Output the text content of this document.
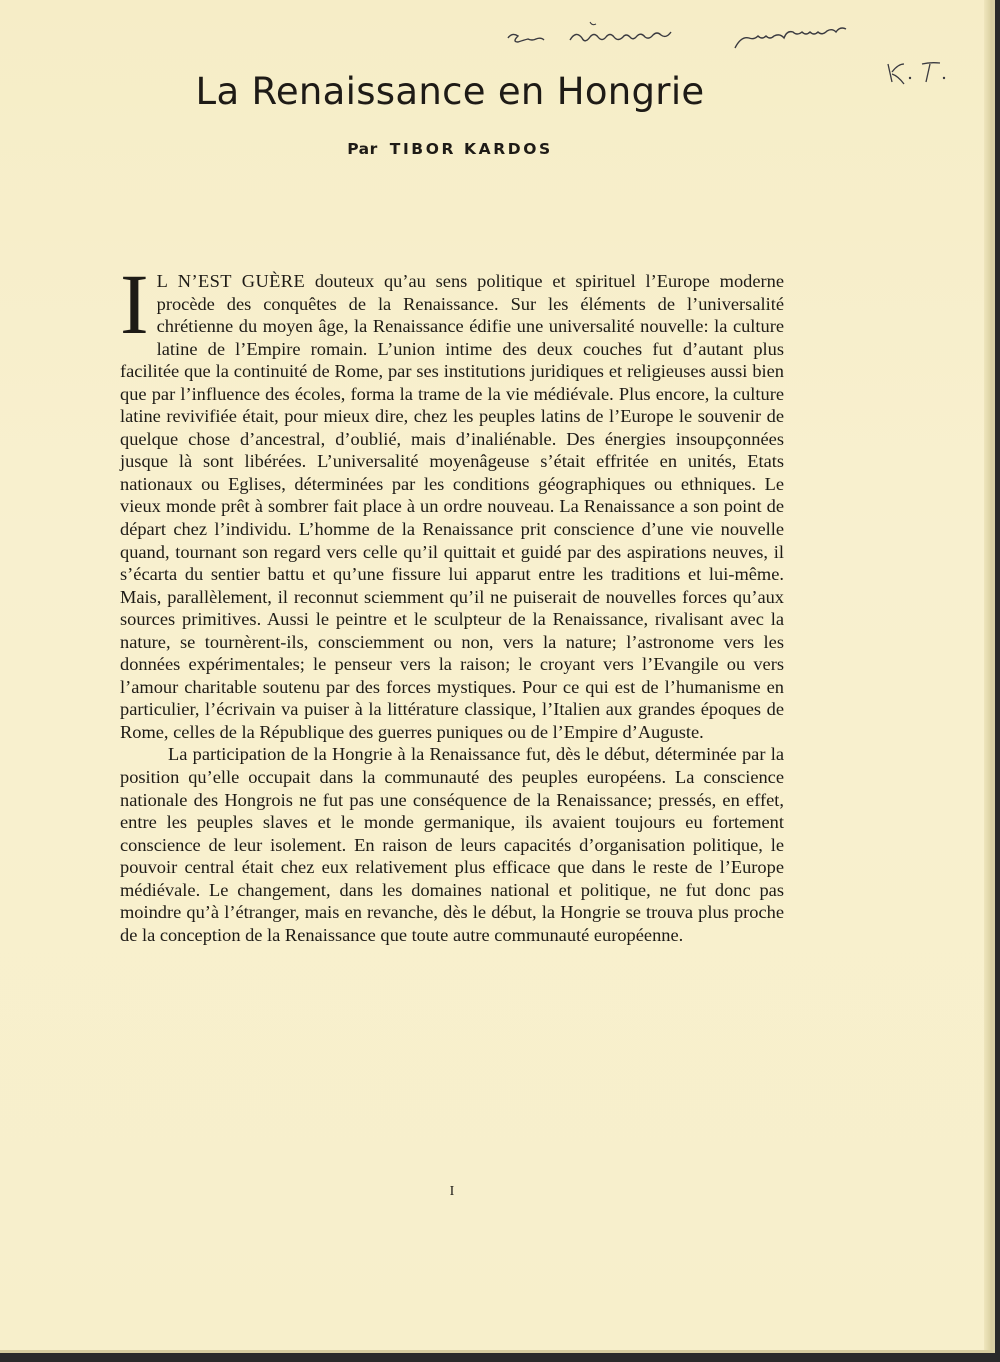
La Renaissance en Hongrie
Par TIBOR KARDOS

I L N’EST GUÈRE douteux qu’au sens politique et spirituel l’Europe moderne procède des conquêtes de la Renaissance. Sur les éléments de l’universalité chrétienne du moyen âge, la Renaissance édifie une universalité nouvelle: la culture latine de l’Empire romain. L’union intime des deux couches fut d’autant plus facilitée que la continuité de Rome, par ses institutions juridiques et religieuses aussi bien que par l’influence des écoles, forma la trame de la vie médiévale. Plus encore, la culture latine revivifiée était, pour mieux dire, chez les peuples latins de l’Europe le souvenir de quelque chose d’ancestral, d’oublié, mais d’inaliénable. Des énergies insoupçonnées jusque là sont libérées. L’universalité moyenâgeuse s’était effritée en unités, Etats nationaux ou Eglises, déterminées par les conditions géographiques ou ethniques. Le vieux monde prêt à sombrer fait place à un ordre nouveau. La Renaissance a son point de départ chez l’individu. L’homme de la Renaissance prit conscience d’une vie nouvelle quand, tournant son regard vers celle qu’il quittait et guidé par des aspirations neuves, il s’écarta du sentier battu et qu’une fissure lui apparut entre les traditions et lui-même. Mais, parallèlement, il reconnut sciemment qu’il ne puiserait de nouvelles forces qu’aux sources primitives. Aussi le peintre et le sculpteur de la Renaissance, rivalisant avec la nature, se tournèrent-ils, consciemment ou non, vers la nature; l’astronome vers les données expérimentales; le penseur vers la raison; le croyant vers l’Evangile ou vers l’amour charitable soutenu par des forces mystiques. Pour ce qui est de l’humanisme en particulier, l’écrivain va puiser à la littérature classique, l’Italien aux grandes époques de Rome, celles de la République des guerres puniques ou de l’Empire d’Auguste.

La participation de la Hongrie à la Renaissance fut, dès le début, déterminée par la position qu’elle occupait dans la communauté des peuples européens. La conscience nationale des Hongrois ne fut pas une conséquence de la Renaissance; pressés, en effet, entre les peuples slaves et le monde germanique, ils avaient toujours eu fortement conscience de leur isolement. En raison de leurs capacités d’organisation politique, le pouvoir central était chez eux relativement plus efficace que dans le reste de l’Europe médiévale. Le changement, dans les domaines national et politique, ne fut donc pas moindre qu’à l’étranger, mais en revanche, dès le début, la Hongrie se trouva plus proche de la conception de la Renaissance que toute autre communauté européenne.

I
